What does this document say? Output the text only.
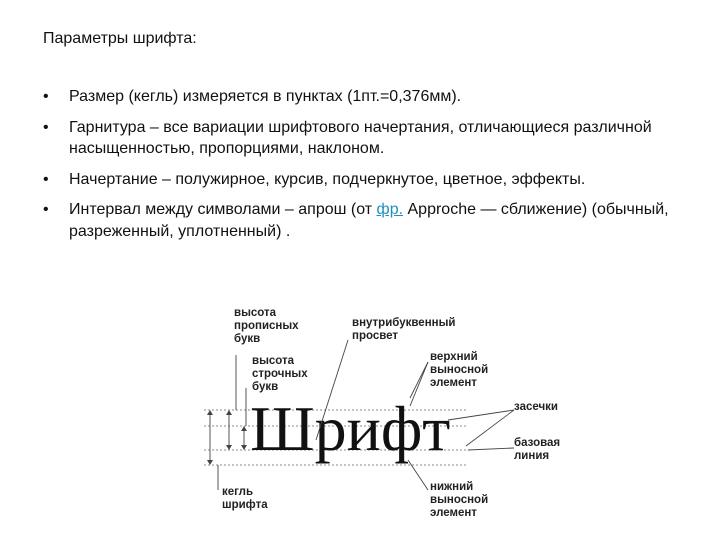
Параметры шрифта:
• Размер (кегль) измеряется в пунктах (1пт.=0,376мм).
• Гарнитура – все вариации шрифтового начертания, отличающиеся различной насыщенностью, пропорциями, наклоном.
• Начертание – полужирное, курсив, подчеркнутое, цветное, эффекты.
• Интервал между символами – апрош (от фр. Approche — сближение) (обычный, разреженный, уплотненный) .
Шрифт
высота
прописных
букв
высота
строчных
букв
кегль
шрифта
внутрибуквенный
просвет
верхний
выносной
элемент
засечки
базовая
линия
нижний
выносной
элемент
